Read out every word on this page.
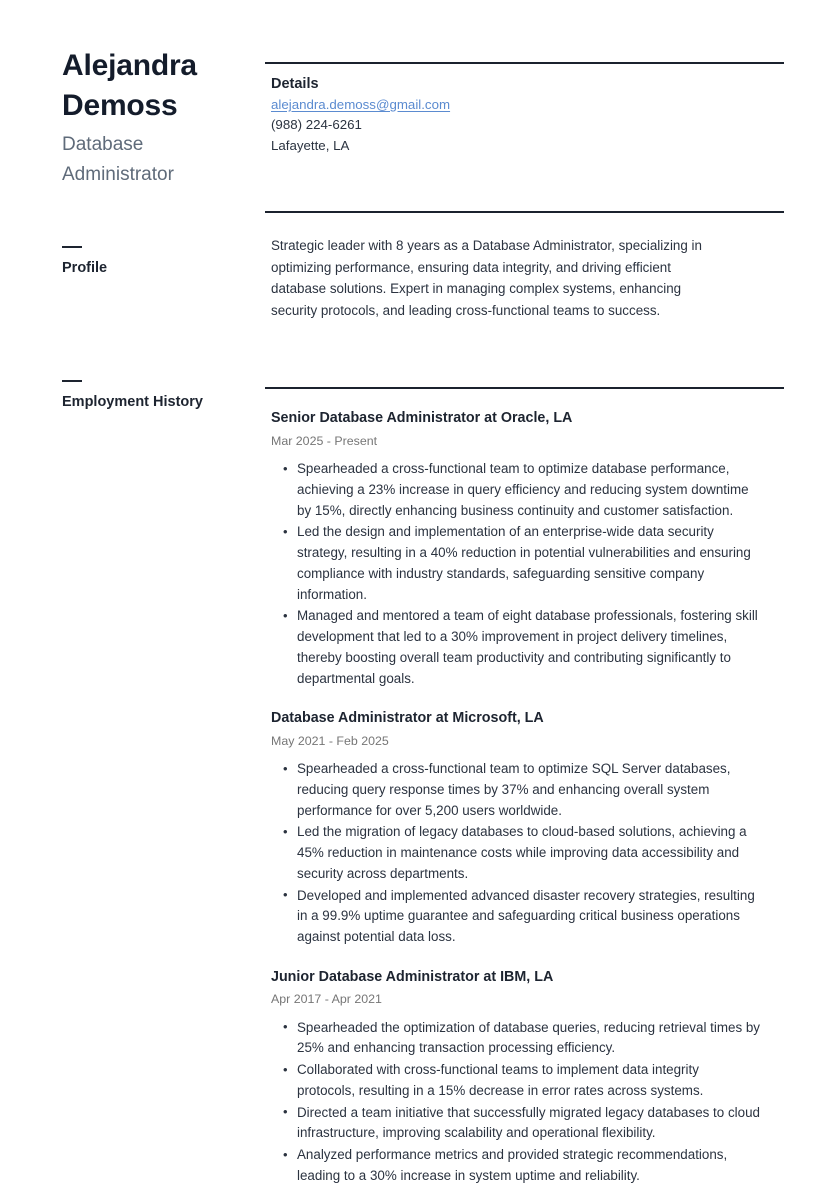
Alejandra Demoss
Database Administrator
Profile
Employment History
Details
alejandra.demoss@gmail.com
(988) 224-6261
Lafayette, LA
Strategic leader with 8 years as a Database Administrator, specializing in optimizing performance, ensuring data integrity, and driving efficient database solutions. Expert in managing complex systems, enhancing security protocols, and leading cross-functional teams to success.
Senior Database Administrator at Oracle, LA
Mar 2025 - Present
• Spearheaded a cross-functional team to optimize database performance, achieving a 23% increase in query efficiency and reducing system downtime by 15%, directly enhancing business continuity and customer satisfaction.
• Led the design and implementation of an enterprise-wide data security strategy, resulting in a 40% reduction in potential vulnerabilities and ensuring compliance with industry standards, safeguarding sensitive company information.
• Managed and mentored a team of eight database professionals, fostering skill development that led to a 30% improvement in project delivery timelines, thereby boosting overall team productivity and contributing significantly to departmental goals.
Database Administrator at Microsoft, LA
May 2021 - Feb 2025
• Spearheaded a cross-functional team to optimize SQL Server databases, reducing query response times by 37% and enhancing overall system performance for over 5,200 users worldwide.
• Led the migration of legacy databases to cloud-based solutions, achieving a 45% reduction in maintenance costs while improving data accessibility and security across departments.
• Developed and implemented advanced disaster recovery strategies, resulting in a 99.9% uptime guarantee and safeguarding critical business operations against potential data loss.
Junior Database Administrator at IBM, LA
Apr 2017 - Apr 2021
• Spearheaded the optimization of database queries, reducing retrieval times by 25% and enhancing transaction processing efficiency.
• Collaborated with cross-functional teams to implement data integrity protocols, resulting in a 15% decrease in error rates across systems.
• Directed a team initiative that successfully migrated legacy databases to cloud infrastructure, improving scalability and operational flexibility.
• Analyzed performance metrics and provided strategic recommendations, leading to a 30% increase in system uptime and reliability.
